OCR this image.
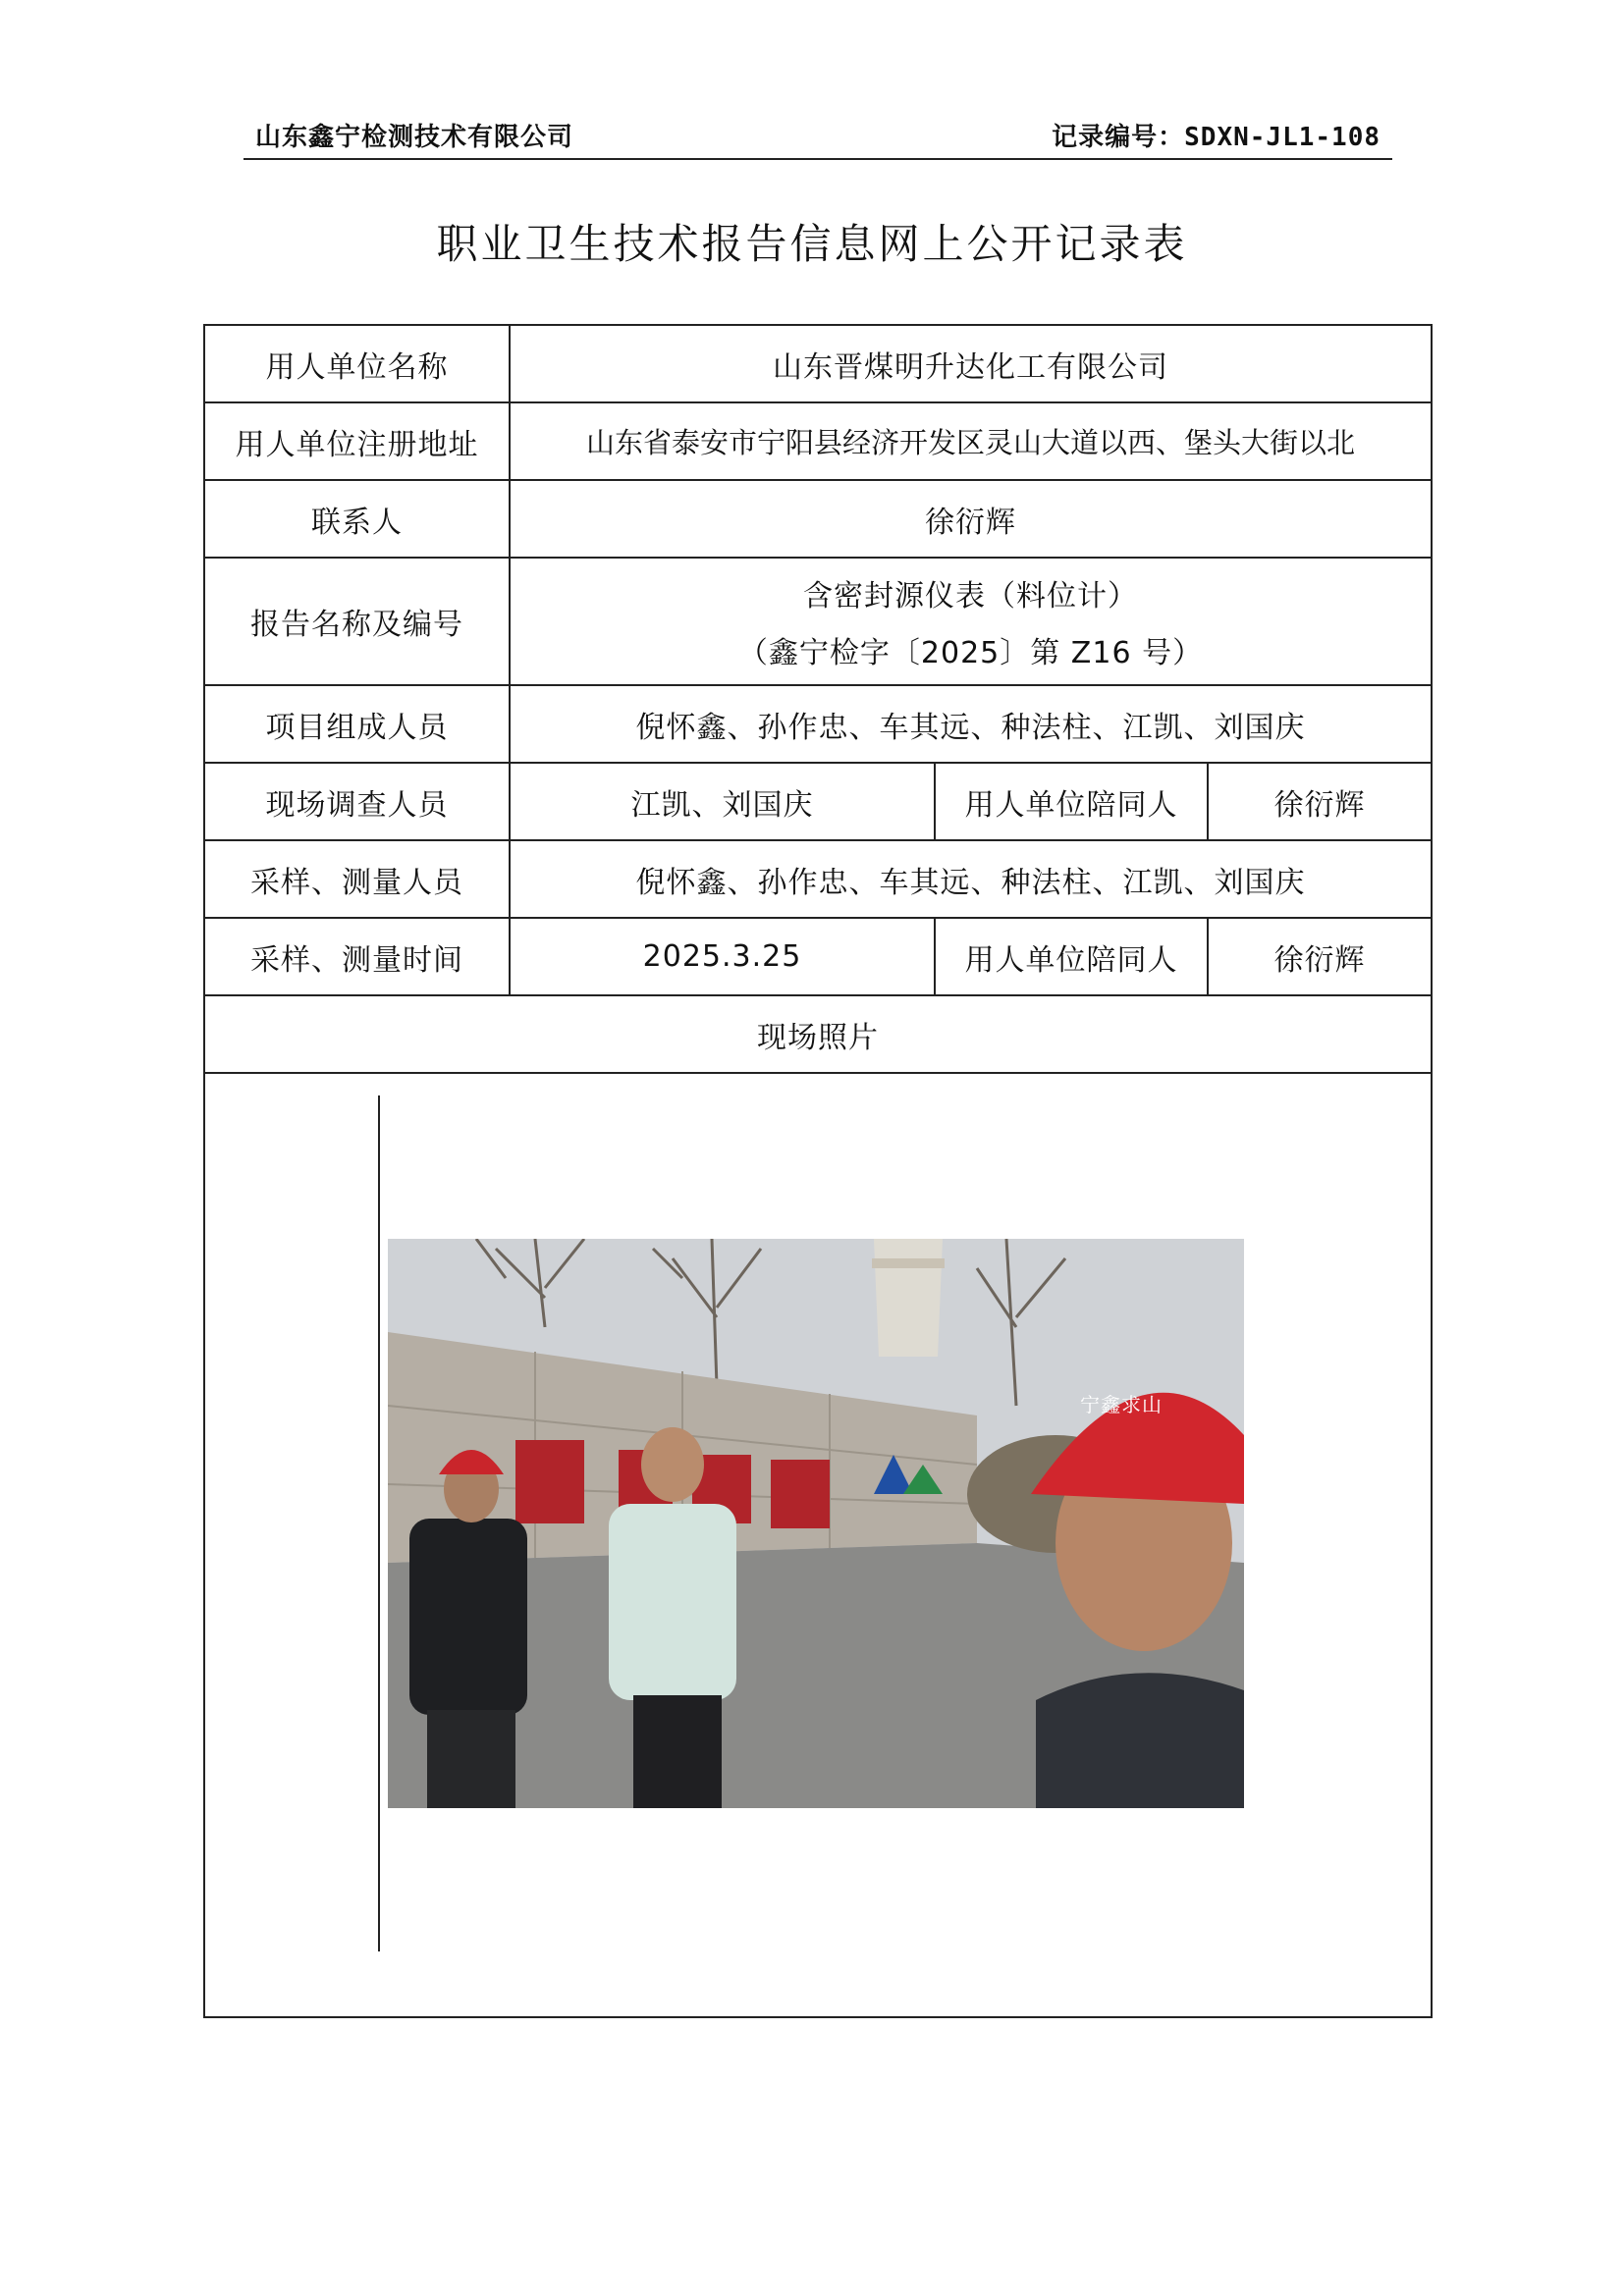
山东鑫宁检测技术有限公司	记录编号：SDXN-JL1-108
职业卫生技术报告信息网上公开记录表
用人单位名称	山东晋煤明升达化工有限公司		
用人单位注册地址	山东省泰安市宁阳县经济开发区灵山大道以西、堡头大街以北		
联系人	徐衍辉		
报告名称及编号	含密封源仪表（料位计）
（鑫宁检字〔2025〕第 Z16 号）		

项目组成人员	倪怀鑫、孙作忠、车其远、种法柱、江凯、刘国庆		
现场调查人员	江凯、刘国庆	用人单位陪同人	徐衍辉
采样、测量人员	倪怀鑫、孙作忠、车其远、种法柱、江凯、刘国庆		
采样、测量时间	2025.3.25	用人单位陪同人	徐衍辉
现场照片			

宁鑫求山			
